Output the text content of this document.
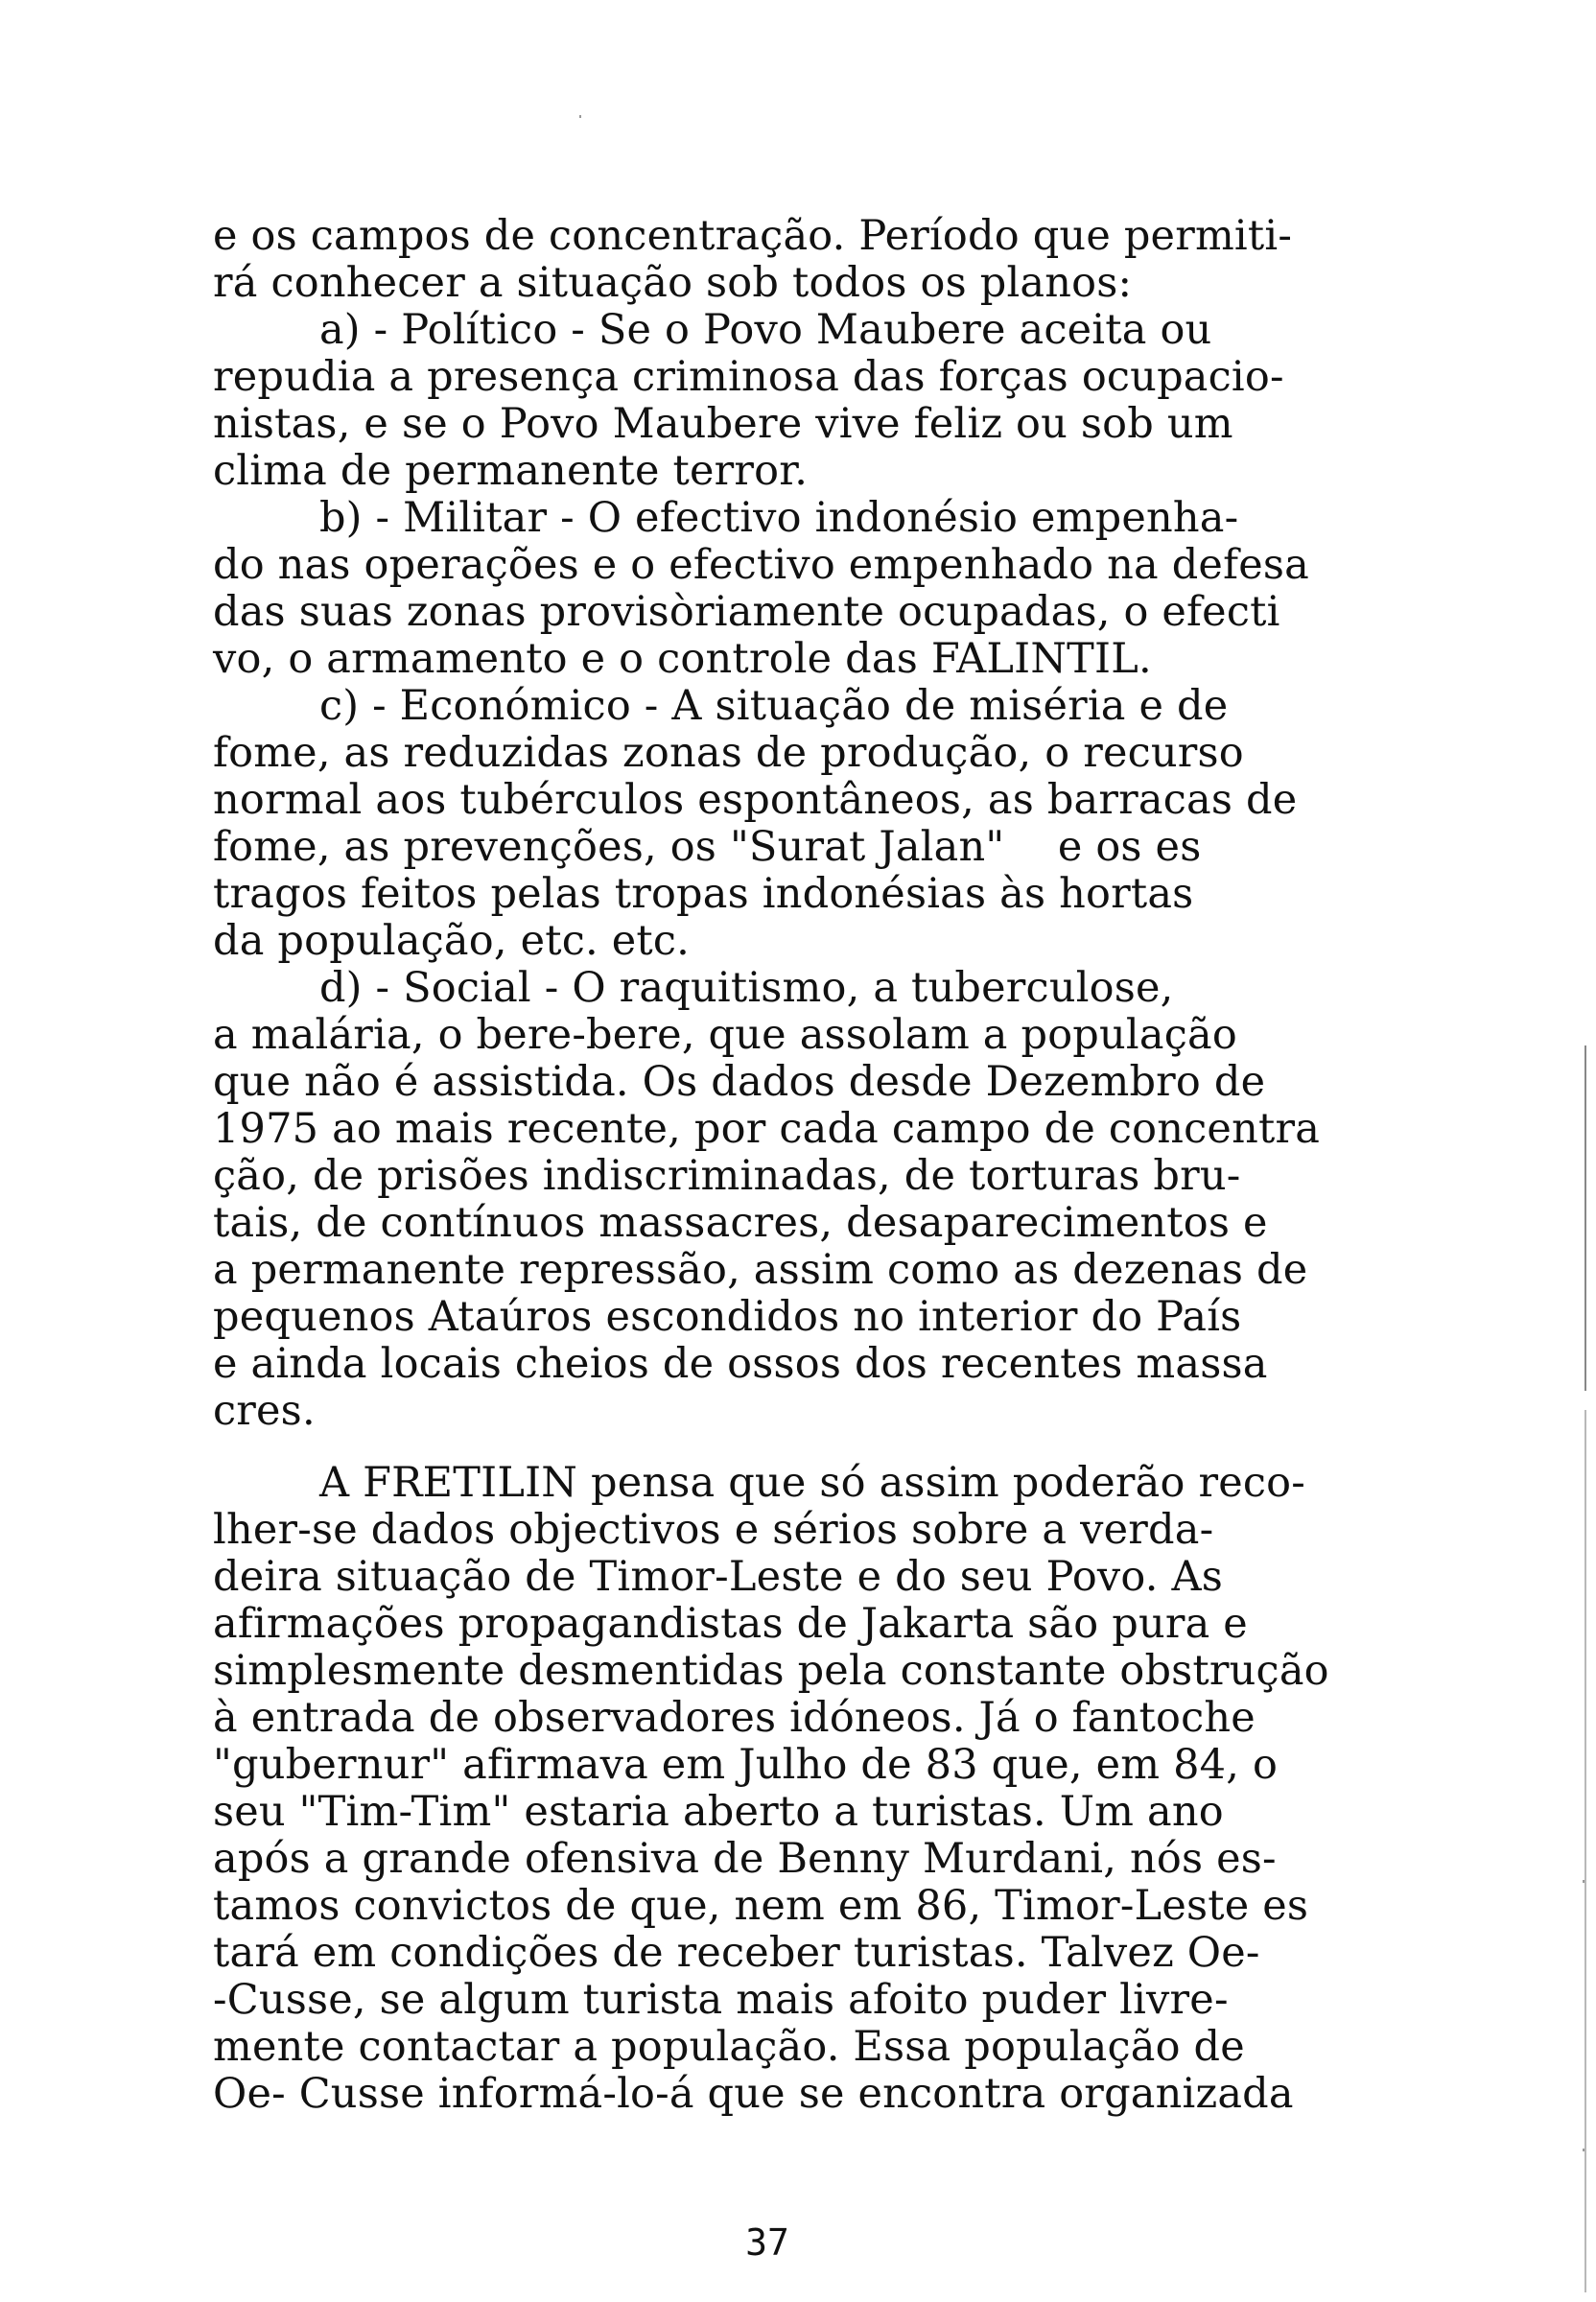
e os campos de concentração. Período que permiti-
rá conhecer a situação sob todos os planos:
a) - Político - Se o Povo Maubere aceita ou
repudia a presença criminosa das forças ocupacio-
nistas, e se o Povo Maubere vive feliz ou sob um
clima de permanente terror.
b) - Militar - O efectivo indonésio empenha-
do nas operações e o efectivo empenhado na defesa
das suas zonas provisòriamente ocupadas, o efecti
vo, o armamento e o controle das FALINTIL.
c) - Económico - A situação de miséria e de
fome, as reduzidas zonas de produção, o recurso
normal aos tubérculos espontâneos, as barracas de
fome, as prevenções, os "Surat Jalan"    e os es
tragos feitos pelas tropas indonésias às hortas
da população, etc. etc.
d) - Social - O raquitismo, a tuberculose,
a malária, o bere-bere, que assolam a população
que não é assistida. Os dados desde Dezembro de
1975 ao mais recente, por cada campo de concentra
ção, de prisões indiscriminadas, de torturas bru-
tais, de contínuos massacres, desaparecimentos e
a permanente repressão, assim como as dezenas de
pequenos Ataúros escondidos no interior do País
e ainda locais cheios de ossos dos recentes massa
cres.
A FRETILIN pensa que só assim poderão reco-
lher-se dados objectivos e sérios sobre a verda-
deira situação de Timor-Leste e do seu Povo. As
afirmações propagandistas de Jakarta são pura e
simplesmente desmentidas pela constante obstrução
à entrada de observadores idóneos. Já o fantoche
"gubernur" afirmava em Julho de 83 que, em 84, o
seu "Tim-Tim" estaria aberto a turistas. Um ano
após a grande ofensiva de Benny Murdani, nós es-
tamos convictos de que, nem em 86, Timor-Leste es
tará em condições de receber turistas. Talvez Oe-
-Cusse, se algum turista mais afoito puder livre-
mente contactar a população. Essa população de
Oe- Cusse informá-lo-á que se encontra organizada
37
